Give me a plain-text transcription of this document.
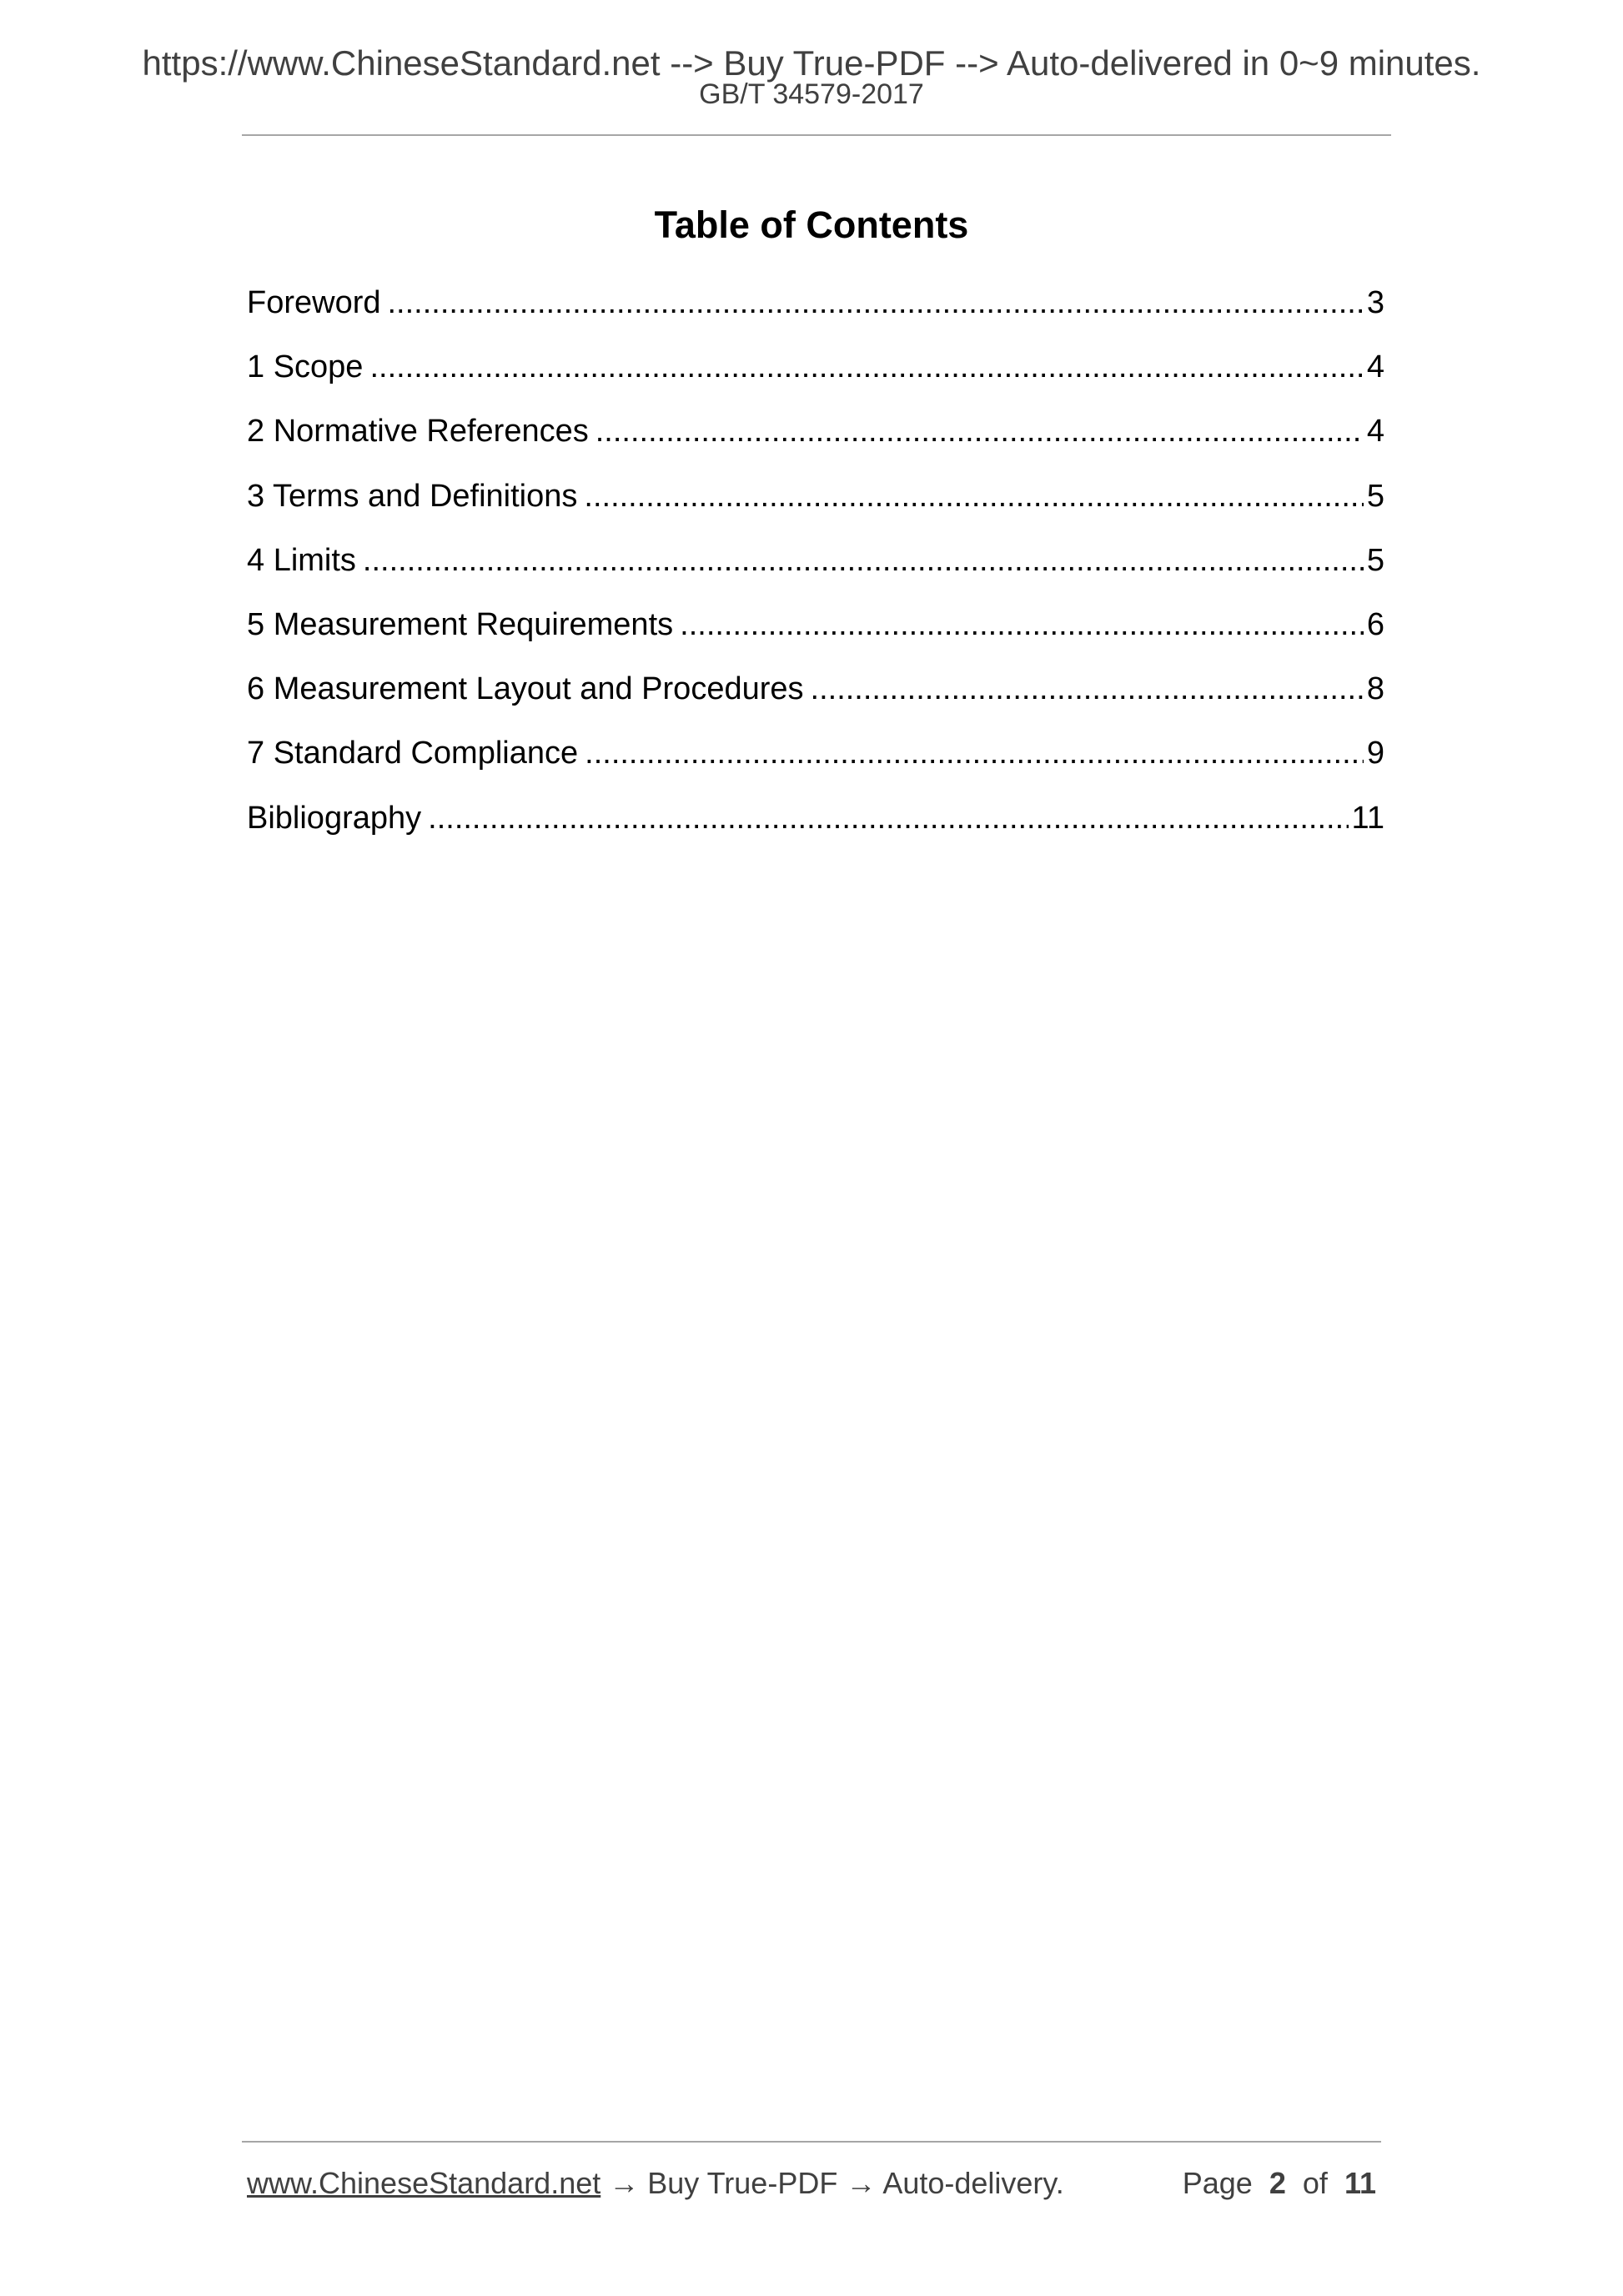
https://www.ChineseStandard.net --> Buy True-PDF --> Auto-delivered in 0~9 minutes.
GB/T 34579-2017
Table of Contents
Foreword .....	3
1 Scope .....	4
2 Normative References .....	4
3 Terms and Definitions .....	5
4 Limits .....	5
5 Measurement Requirements .....	6
6 Measurement Layout and Procedures .....	8
7 Standard Compliance .....	9
Bibliography .....	11
www.ChineseStandard.net → Buy True-PDF → Auto-delivery.	Page 2 of 11
